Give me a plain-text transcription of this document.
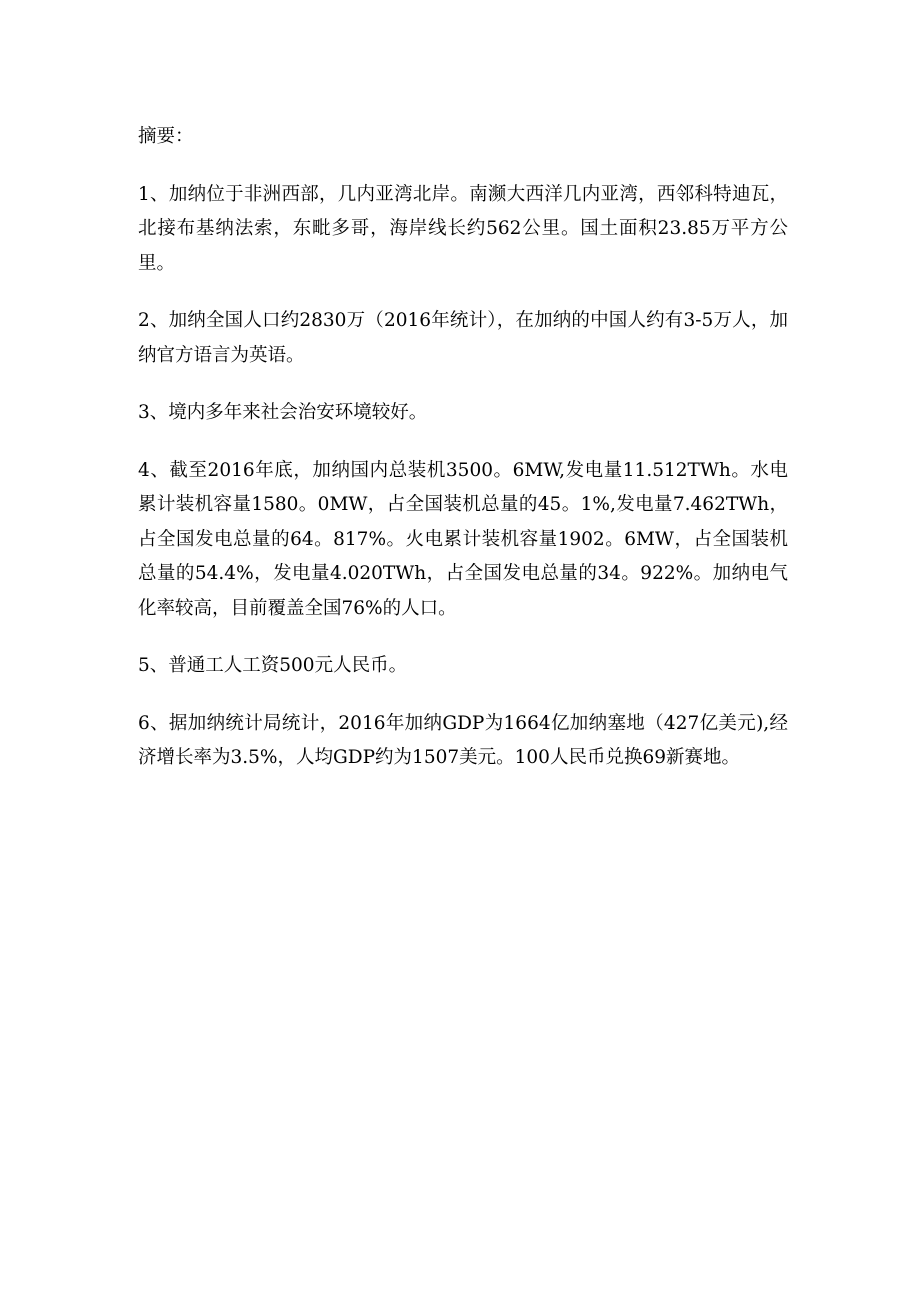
摘要：

1、加纳位于非洲西部，几内亚湾北岸。南濒大西洋几内亚湾，西邻科特迪瓦，北接布基纳法索，东毗多哥，海岸线长约562公里。国土面积23.85万平方公里。

2、加纳全国人口约2830万（2016年统计），在加纳的中国人约有3-5万人，加纳官方语言为英语。

3、境内多年来社会治安环境较好。

4、截至2016年底，加纳国内总装机3500。6MW,发电量11.512TWh。水电累计装机容量1580。0MW，占全国装机总量的45。1%,发电量7.462TWh，占全国发电总量的64。817%。火电累计装机容量1902。6MW，占全国装机总量的54.4%，发电量4.020TWh，占全国发电总量的34。922%。加纳电气化率较高，目前覆盖全国76%的人口。

5、普通工人工资500元人民币。

6、据加纳统计局统计，2016年加纳GDP为1664亿加纳塞地（427亿美元),经济增长率为3.5%，人均GDP约为1507美元。100人民币兑换69新赛地。
